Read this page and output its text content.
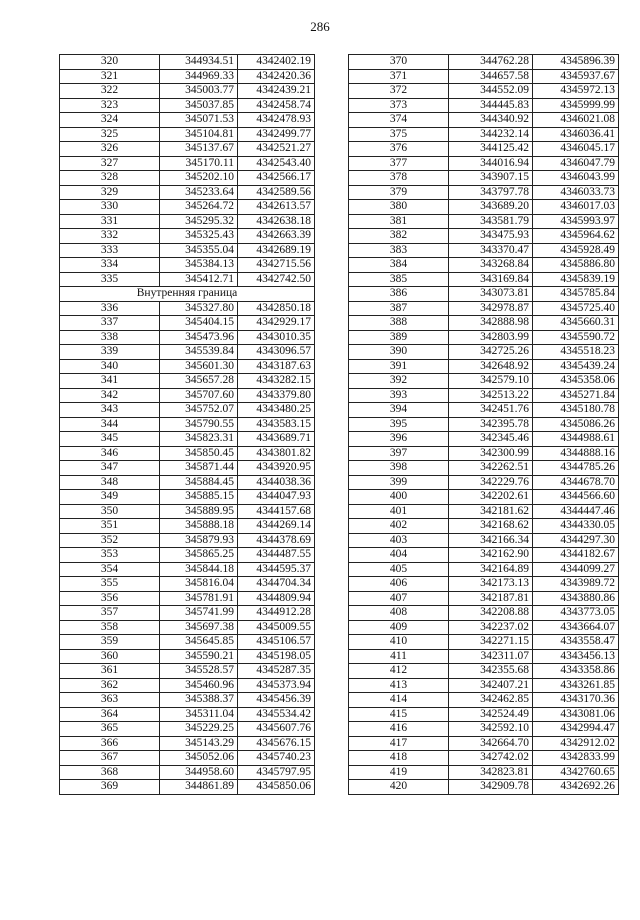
286
320	344934.51	4342402.19
321	344969.33	4342420.36
322	345003.77	4342439.21
323	345037.85	4342458.74
324	345071.53	4342478.93
325	345104.81	4342499.77
326	345137.67	4342521.27
327	345170.11	4342543.40
328	345202.10	4342566.17
329	345233.64	4342589.56
330	345264.72	4342613.57
331	345295.32	4342638.18
332	345325.43	4342663.39
333	345355.04	4342689.19
334	345384.13	4342715.56
335	345412.71	4342742.50
Внутренняя граница		
336	345327.80	4342850.18
337	345404.15	4342929.17
338	345473.96	4343010.35
339	345539.84	4343096.57
340	345601.30	4343187.63
341	345657.28	4343282.15
342	345707.60	4343379.80
343	345752.07	4343480.25
344	345790.55	4343583.15
345	345823.31	4343689.71
346	345850.45	4343801.82
347	345871.44	4343920.95
348	345884.45	4344038.36
349	345885.15	4344047.93
350	345889.95	4344157.68
351	345888.18	4344269.14
352	345879.93	4344378.69
353	345865.25	4344487.55
354	345844.18	4344595.37
355	345816.04	4344704.34
356	345781.91	4344809.94
357	345741.99	4344912.28
358	345697.38	4345009.55
359	345645.85	4345106.57
360	345590.21	4345198.05
361	345528.57	4345287.35
362	345460.96	4345373.94
363	345388.37	4345456.39
364	345311.04	4345534.42
365	345229.25	4345607.76
366	345143.29	4345676.15
367	345052.06	4345740.23
368	344958.60	4345797.95
369	344861.89	4345850.06
370	344762.28	4345896.39
371	344657.58	4345937.67
372	344552.09	4345972.13
373	344445.83	4345999.99
374	344340.92	4346021.08
375	344232.14	4346036.41
376	344125.42	4346045.17
377	344016.94	4346047.79
378	343907.15	4346043.99
379	343797.78	4346033.73
380	343689.20	4346017.03
381	343581.79	4345993.97
382	343475.93	4345964.62
383	343370.47	4345928.49
384	343268.84	4345886.80
385	343169.84	4345839.19
386	343073.81	4345785.84
387	342978.87	4345725.40
388	342888.98	4345660.31
389	342803.99	4345590.72
390	342725.26	4345518.23
391	342648.92	4345439.24
392	342579.10	4345358.06
393	342513.22	4345271.84
394	342451.76	4345180.78
395	342395.78	4345086.26
396	342345.46	4344988.61
397	342300.99	4344888.16
398	342262.51	4344785.26
399	342229.76	4344678.70
400	342202.61	4344566.60
401	342181.62	4344447.46
402	342168.62	4344330.05
403	342166.34	4344297.30
404	342162.90	4344182.67
405	342164.89	4344099.27
406	342173.13	4343989.72
407	342187.81	4343880.86
408	342208.88	4343773.05
409	342237.02	4343664.07
410	342271.15	4343558.47
411	342311.07	4343456.13
412	342355.68	4343358.86
413	342407.21	4343261.85
414	342462.85	4343170.36
415	342524.49	4343081.06
416	342592.10	4342994.47
417	342664.70	4342912.02
418	342742.02	4342833.99
419	342823.81	4342760.65
420	342909.78	4342692.26
